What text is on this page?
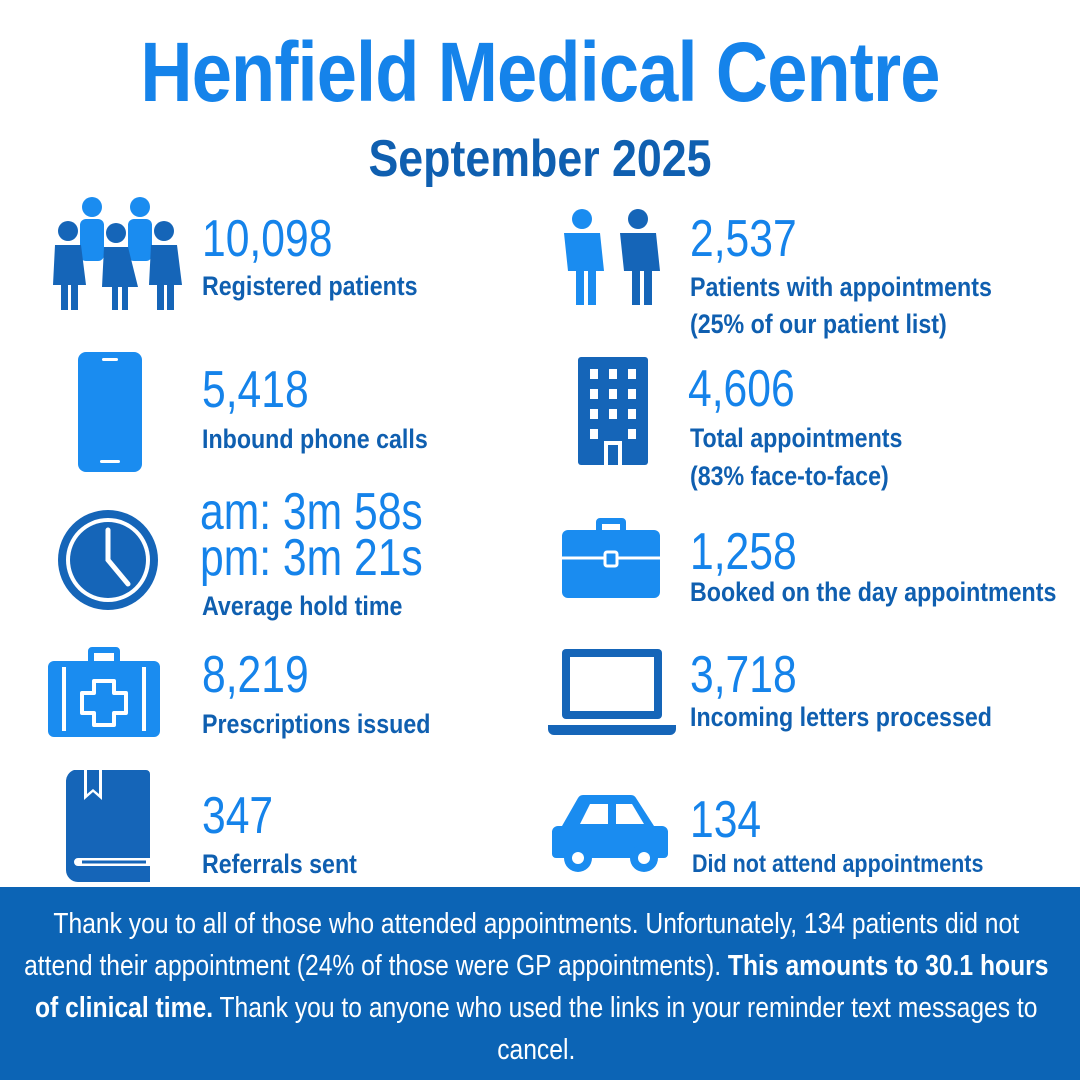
Henfield Medical Centre
September 2025
10,098
Registered patients
5,418
Inbound phone calls
am: 3m 58s
pm: 3m 21s
Average hold time
8,219
Prescriptions issued
347
Referrals sent
2,537
Patients with appointments
(25% of our patient list)
4,606
Total appointments
(83% face-to-face)
1,258
Booked on the day appointments
3,718
Incoming letters processed
134
Did not attend appointments

Thank you to all of those who attended appointments. Unfortunately, 134 patients did not attend their appointment (24% of those were GP appointments). This amounts to 30.1 hours of clinical time. Thank you to anyone who used the links in your reminder text messages to cancel.
